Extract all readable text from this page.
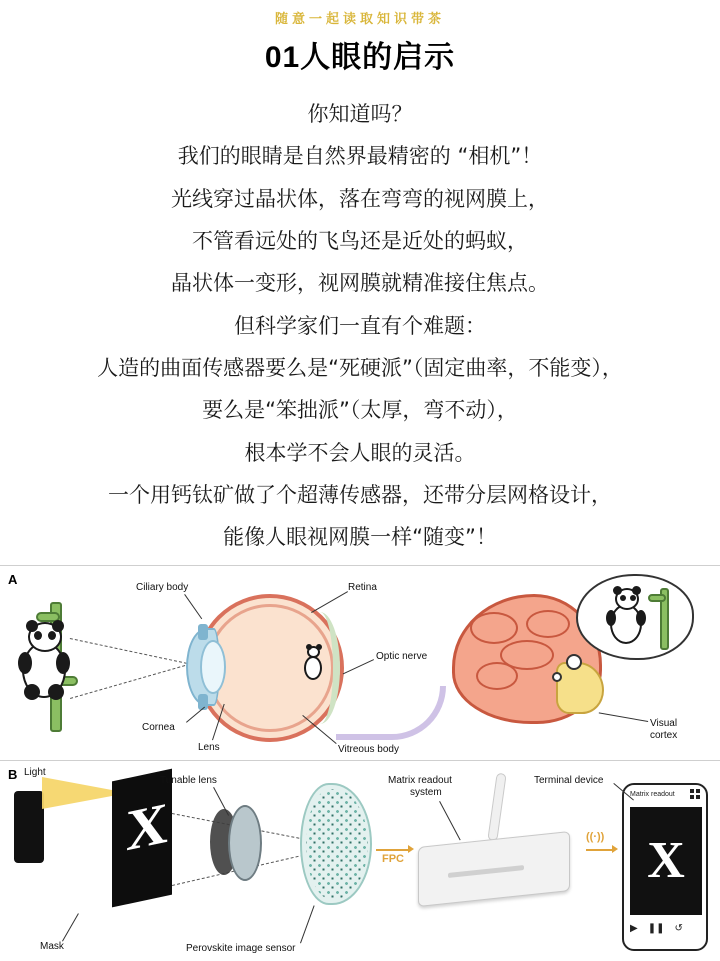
随意一起读取知识带茶
01人眼的启示

你知道吗？

我们的眼睛是自然界最精密的 “相机”！

光线穿过晶状体，落在弯弯的视网膜上，

不管看远处的飞鸟还是近处的蚂蚁，

晶状体一变形，视网膜就精准接住焦点。

但科学家们一直有个难题：

人造的曲面传感器要么是“死硬派”（固定曲率，不能变），

要么是“笨拙派”（太厚，弯不动），

根本学不会人眼的灵活。

一个用钙钛矿做了个超薄传感器，还带分层网格设计，

能像人眼视网膜一样“随变”！

A
Ciliary body	Retina
Optic nerve
Cornea
Lens	Vitreous body
Visual
cortex
B
X	FPC
((·))
Matrix readout
X
▶ ❚❚ ↺
Light
Mask
Tunable lens
Perovskite image sensor
Matrix readout
system
Terminal device
